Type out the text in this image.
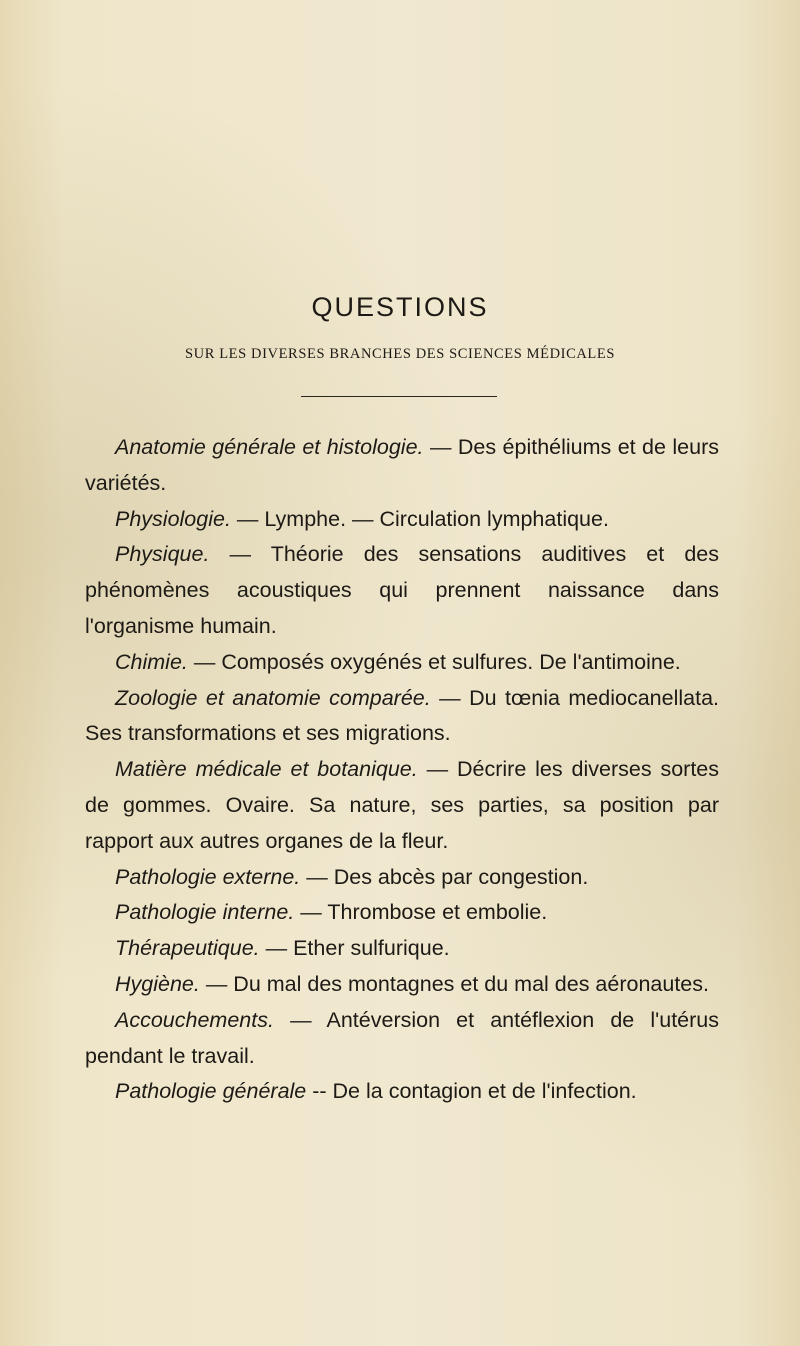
QUESTIONS

SUR LES DIVERSES BRANCHES DES SCIENCES MÉDICALES

Anatomie générale et histologie. — Des épithéliums et de leurs variétés.

Physiologie. — Lymphe. — Circulation lymphatique.

Physique. — Théorie des sensations auditives et des phénomènes acoustiques qui prennent naissance dans l'organisme humain.

Chimie. — Composés oxygénés et sulfures. De l'antimoine.

Zoologie et anatomie comparée. — Du tœnia mediocanellata. Ses transformations et ses migrations.

Matière médicale et botanique. — Décrire les diverses sortes de gommes. Ovaire. Sa nature, ses parties, sa position par rapport aux autres organes de la fleur.

Pathologie externe. — Des abcès par congestion.

Pathologie interne. — Thrombose et embolie.

Thérapeutique. — Ether sulfurique.

Hygiène. — Du mal des montagnes et du mal des aéronautes.

Accouchements. — Antéversion et antéflexion de l'utérus pendant le travail.

Pathologie générale -- De la contagion et de l'infection.
